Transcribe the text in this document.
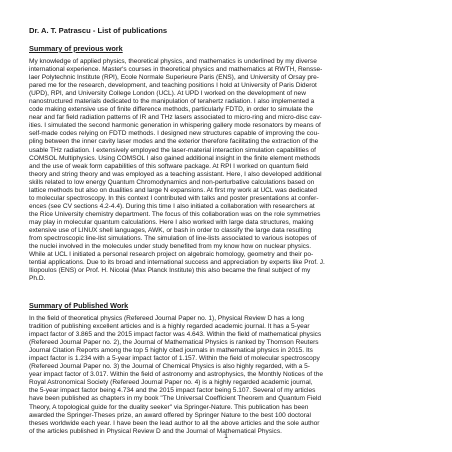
Dr. A. T. Patrascu - List of publications
Summary of previous work
My knowledge of applied physics, theoretical physics, and mathematics is underlined by my diverse
international experience. Master's courses in theoretical physics and mathematics at RWTH, Rensse-
laer Polytechnic Institute (RPI), Ecole Normale Superieure Paris (ENS), and University of Orsay pre-
pared me for the research, development, and teaching positions I hold at University of Paris Diderot
(UPD), RPI, and University College London (UCL). At UPD I worked on the development of new
nanostructured materials dedicated to the manipulation of terahertz radiation. I also implemented a
code making extensive use of finite difference methods, particularly FDTD, in order to simulate the
near and far field radiation patterns of IR and THz lasers associated to micro-ring and micro-disc cav-
ities. I simulated the second harmonic generation in whispering gallery mode resonators by means of
self-made codes relying on FDTD methods. I designed new structures capable of improving the cou-
pling between the inner cavity laser modes and the exterior therefore facilitating the extraction of the
usable THz radiation. I extensively employed the laser-material interaction simulation capabilities of
COMSOL Multiphysics. Using COMSOL I also gained additional insight in the finite element methods
and the use of weak form capabilities of this software package. At RPI I worked on quantum field
theory and string theory and was employed as a teaching assistant. Here, I also developed additional
skills related to low energy Quantum Chromodynamics and non-perturbative calculations based on
lattice methods but also on dualities and large N expansions. At first my work at UCL was dedicated
to molecular spectroscopy. In this context I contributed with talks and poster presentations at confer-
ences (see CV sections 4.2-4.4). During this time I also initiated a collaboration with researchers at
the Rice University chemistry department. The focus of this collaboration was on the role symmetries
may play in molecular quantum calculations. Here I also worked with large data structures, making
extensive use of LINUX shell languages, AWK, or bash in order to classify the large data resulting
from spectroscopic line-list simulations. The simulation of line-lists associated to various isotopes of
the nuclei involved in the molecules under study benefited from my know how on nuclear physics.
While at UCL I initiated a personal research project on algebraic homology, geometry and their po-
tential applications. Due to its broad and international success and appreciation by experts like Prof. J.
Iliopoulos (ENS) or Prof. H. Nicolai (Max Planck Institute) this also became the final subject of my
Ph.D.
Summary of Published Work
In the field of theoretical physics (Refereed Journal Paper no. 1), Physical Review D has a long
tradition of publishing excellent articles and is a highly regarded academic journal. It has a 5-year
impact factor of 3.865 and the 2015 impact factor was 4.643. Within the field of mathematical physics
(Refereed Journal Paper no. 2), the Journal of Mathematical Physics is ranked by Thomson Reuters
Journal Citation Reports among the top 5 highly cited journals in mathematical physics in 2015. Its
impact factor is 1.234 with a 5-year impact factor of 1.157. Within the field of molecular spectroscopy
(Refereed Journal Paper no. 3) the Journal of Chemical Physics is also highly regarded, with a 5-
year impact factor of 3.017. Within the field of astronomy and astrophysics, the Monthly Notices of the
Royal Astronomical Society (Refereed Journal Paper no. 4) is a highly regarded academic journal,
the 5-year impact factor being 4.734 and the 2015 impact factor being 5.107. Several of my articles
have been published as chapters in my book "The Universal Coefficient Theorem and Quantum Field
Theory, A topological guide for the duality seeker" via Springer-Nature. This publication has been
awarded the Springer-Theses prize, an award offered by Springer Nature to the best 100 doctoral
theses worldwide each year. I have been the lead author to all the above articles and the sole author
of the articles published in Physical Review D and the Journal of Mathematical Physics.
1
